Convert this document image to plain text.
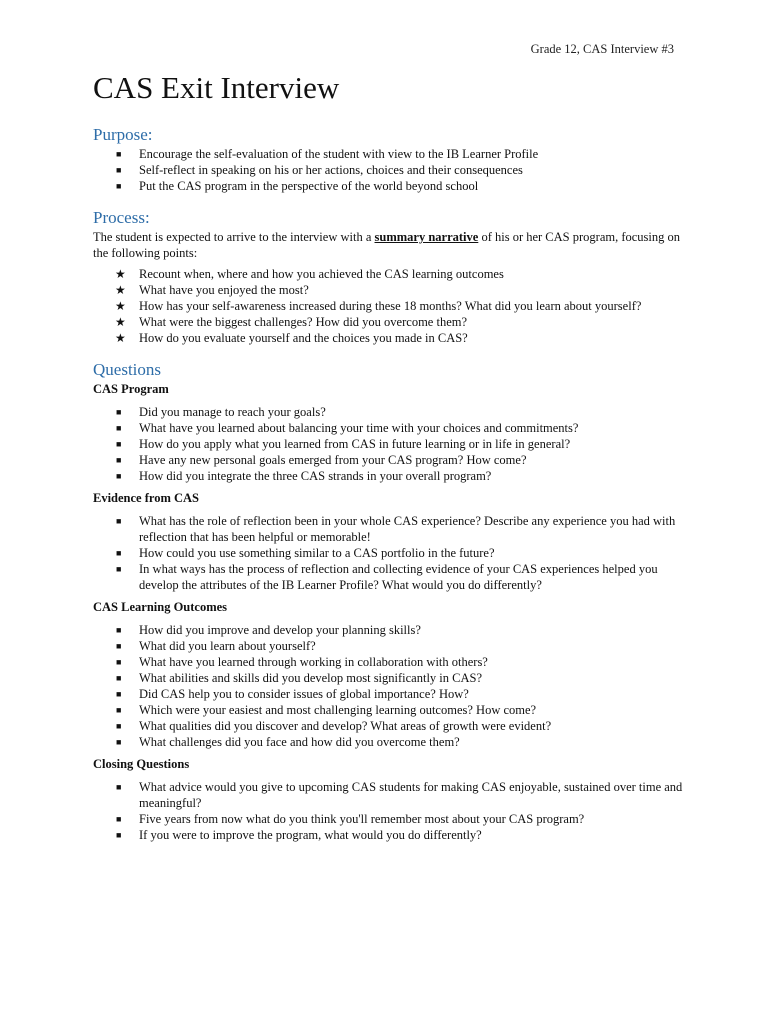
Grade 12, CAS Interview #3
CAS Exit Interview
Purpose:
■ Encourage the self-evaluation of the student with view to the IB Learner Profile
■ Self-reflect in speaking on his or her actions, choices and their consequences
■ Put the CAS program in the perspective of the world beyond school
Process:

The student is expected to arrive to the interview with a summary narrative of his or her CAS program, focusing on the following points:

★ Recount when, where and how you achieved the CAS learning outcomes
★ What have you enjoyed the most?
★ How has your self-awareness increased during these 18 months? What did you learn about yourself?
★ What were the biggest challenges? How did you overcome them?
★ How do you evaluate yourself and the choices you made in CAS?
Questions
CAS Program
■ Did you manage to reach your goals?
■ What have you learned about balancing your time with your choices and commitments?
■ How do you apply what you learned from CAS in future learning or in life in general?
■ Have any new personal goals emerged from your CAS program? How come?
■ How did you integrate the three CAS strands in your overall program?
Evidence from CAS
■ What has the role of reflection been in your whole CAS experience? Describe any experience you had with reflection that has been helpful or memorable!
■ How could you use something similar to a CAS portfolio in the future?
■ In what ways has the process of reflection and collecting evidence of your CAS experiences helped you develop the attributes of the IB Learner Profile? What would you do differently?
CAS Learning Outcomes
■ How did you improve and develop your planning skills?
■ What did you learn about yourself?
■ What have you learned through working in collaboration with others?
■ What abilities and skills did you develop most significantly in CAS?
■ Did CAS help you to consider issues of global importance? How?
■ Which were your easiest and most challenging learning outcomes? How come?
■ What qualities did you discover and develop? What areas of growth were evident?
■ What challenges did you face and how did you overcome them?
Closing Questions
■ What advice would you give to upcoming CAS students for making CAS enjoyable, sustained over time and meaningful?
■ Five years from now what do you think you'll remember most about your CAS program?
■ If you were to improve the program, what would you do differently?
